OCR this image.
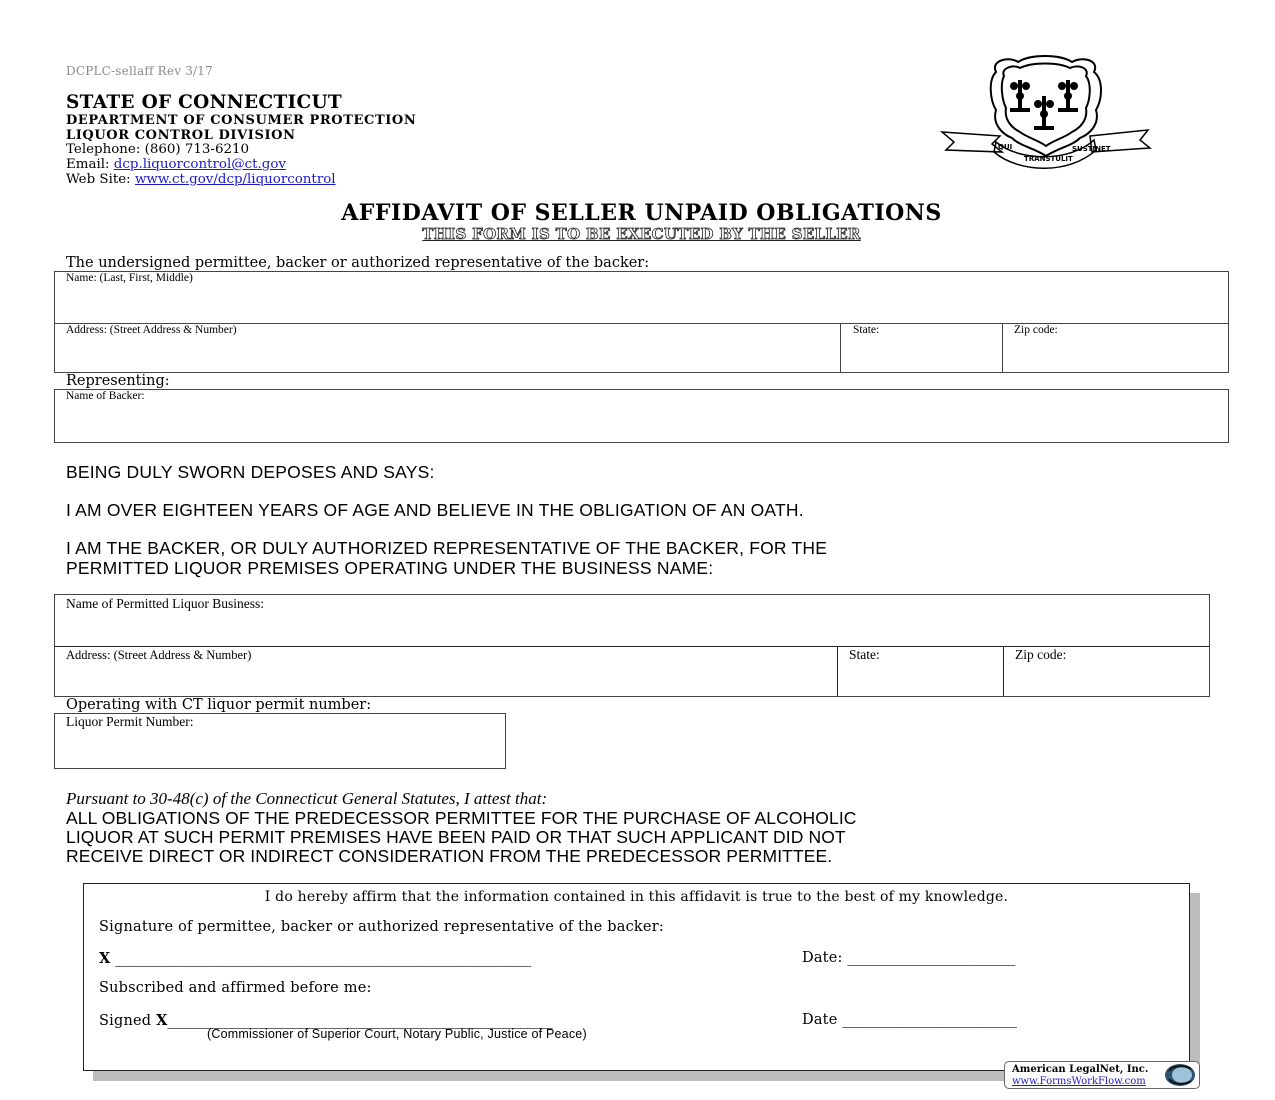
DCPLC-sellaff Rev 3/17
STATE OF CONNECTICUT
DEPARTMENT OF CONSUMER PROTECTION
LIQUOR CONTROL DIVISION
Telephone: (860) 713-6210
Email: dcp.liquorcontrol@ct.gov
Web Site: www.ct.gov/dcp/liquorcontrol
QUI
TRANSTULIT
SUSTINET
AFFIDAVIT OF SELLER UNPAID OBLIGATIONS
THIS FORM IS TO BE EXECUTED BY THE SELLER
The undersigned permittee, backer or authorized representative of the backer:
Name: (Last, First, Middle)
Address: (Street Address & Number)	State:	Zip code:
Representing:
Name of Backer:
BEING DULY SWORN DEPOSES AND SAYS:
I AM OVER EIGHTEEN YEARS OF AGE AND BELIEVE IN THE OBLIGATION OF AN OATH.
I AM THE BACKER, OR DULY AUTHORIZED REPRESENTATIVE OF THE BACKER, FOR THE
PERMITTED LIQUOR PREMISES OPERATING UNDER THE BUSINESS NAME:
Name of Permitted Liquor Business:
Address: (Street Address & Number)	State:	Zip code:
Operating with CT liquor permit number:
Liquor Permit Number:
Pursuant to 30-48(c) of the Connecticut General Statutes, I attest that:
ALL OBLIGATIONS OF THE PREDECESSOR PERMITTEE FOR THE PURCHASE OF ALCOHOLIC
LIQUOR AT SUCH PERMIT PREMISES HAVE BEEN PAID OR THAT SUCH APPLICANT DID NOT
RECEIVE DIRECT OR INDIRECT CONSIDERATION FROM THE PREDECESSOR PERMITTEE.
I do hereby affirm that the information contained in this affidavit is true to the best of my knowledge.
Signature of permittee, backer or authorized representative of the backer:
X ______________________________________________________________	Date: _________________________
Subscribed and affirmed before me:
Signed X_____________________________________________________________	Date __________________________
(Commissioner of Superior Court, Notary Public, Justice of Peace)
American LegalNet, Inc.
www.FormsWorkFlow.com
